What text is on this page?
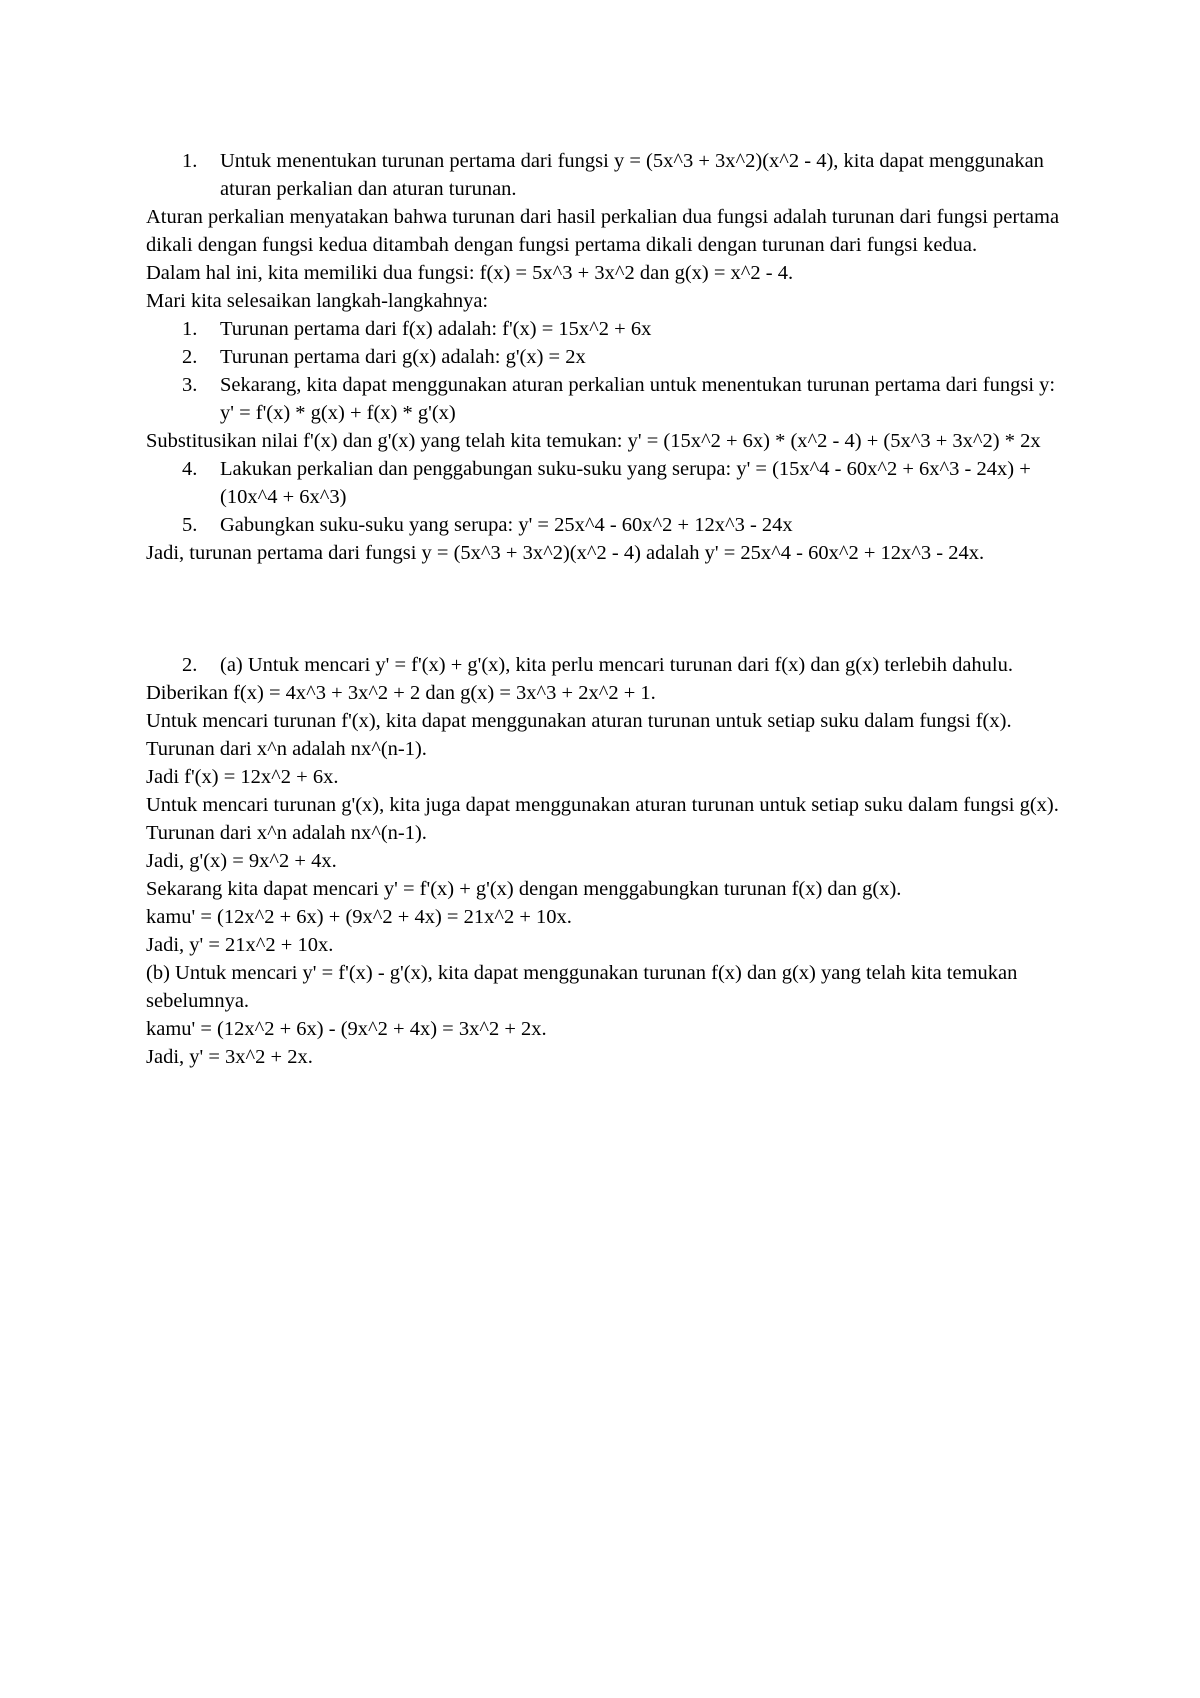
1. Untuk menentukan turunan pertama dari fungsi y = (5x^3 + 3x^2)(x^2 - 4), kita dapat menggunakan aturan perkalian dan aturan turunan.

Aturan perkalian menyatakan bahwa turunan dari hasil perkalian dua fungsi adalah turunan dari fungsi pertama dikali dengan fungsi kedua ditambah dengan fungsi pertama dikali dengan turunan dari fungsi kedua.

Dalam hal ini, kita memiliki dua fungsi: f(x) = 5x^3 + 3x^2 dan g(x) = x^2 - 4.

Mari kita selesaikan langkah-langkahnya:

1. Turunan pertama dari f(x) adalah: f'(x) = 15x^2 + 6x
2. Turunan pertama dari g(x) adalah: g'(x) = 2x
3. Sekarang, kita dapat menggunakan aturan perkalian untuk menentukan turunan pertama dari fungsi y: y' = f'(x) * g(x) + f(x) * g'(x)

Substitusikan nilai f'(x) dan g'(x) yang telah kita temukan: y' = (15x^2 + 6x) * (x^2 - 4) + (5x^3 + 3x^2) * 2x

4. Lakukan perkalian dan penggabungan suku-suku yang serupa: y' = (15x^4 - 60x^2 + 6x^3 - 24x) + (10x^4 + 6x^3)
5. Gabungkan suku-suku yang serupa: y' = 25x^4 - 60x^2 + 12x^3 - 24x

Jadi, turunan pertama dari fungsi y = (5x^3 + 3x^2)(x^2 - 4) adalah y' = 25x^4 - 60x^2 + 12x^3 - 24x.

2. (a) Untuk mencari y' = f'(x) + g'(x), kita perlu mencari turunan dari f(x) dan g(x) terlebih dahulu.

Diberikan f(x) = 4x^3 + 3x^2 + 2 dan g(x) = 3x^3 + 2x^2 + 1.

Untuk mencari turunan f'(x), kita dapat menggunakan aturan turunan untuk setiap suku dalam fungsi f(x). Turunan dari x^n adalah nx^(n-1).

Jadi f'(x) = 12x^2 + 6x.

Untuk mencari turunan g'(x), kita juga dapat menggunakan aturan turunan untuk setiap suku dalam fungsi g(x). Turunan dari x^n adalah nx^(n-1).

Jadi, g'(x) = 9x^2 + 4x.

Sekarang kita dapat mencari y' = f'(x) + g'(x) dengan menggabungkan turunan f(x) dan g(x).

kamu' = (12x^2 + 6x) + (9x^2 + 4x) = 21x^2 + 10x.

Jadi, y' = 21x^2 + 10x.

(b) Untuk mencari y' = f'(x) - g'(x), kita dapat menggunakan turunan f(x) dan g(x) yang telah kita temukan sebelumnya.

kamu' = (12x^2 + 6x) - (9x^2 + 4x) = 3x^2 + 2x.

Jadi, y' = 3x^2 + 2x.
